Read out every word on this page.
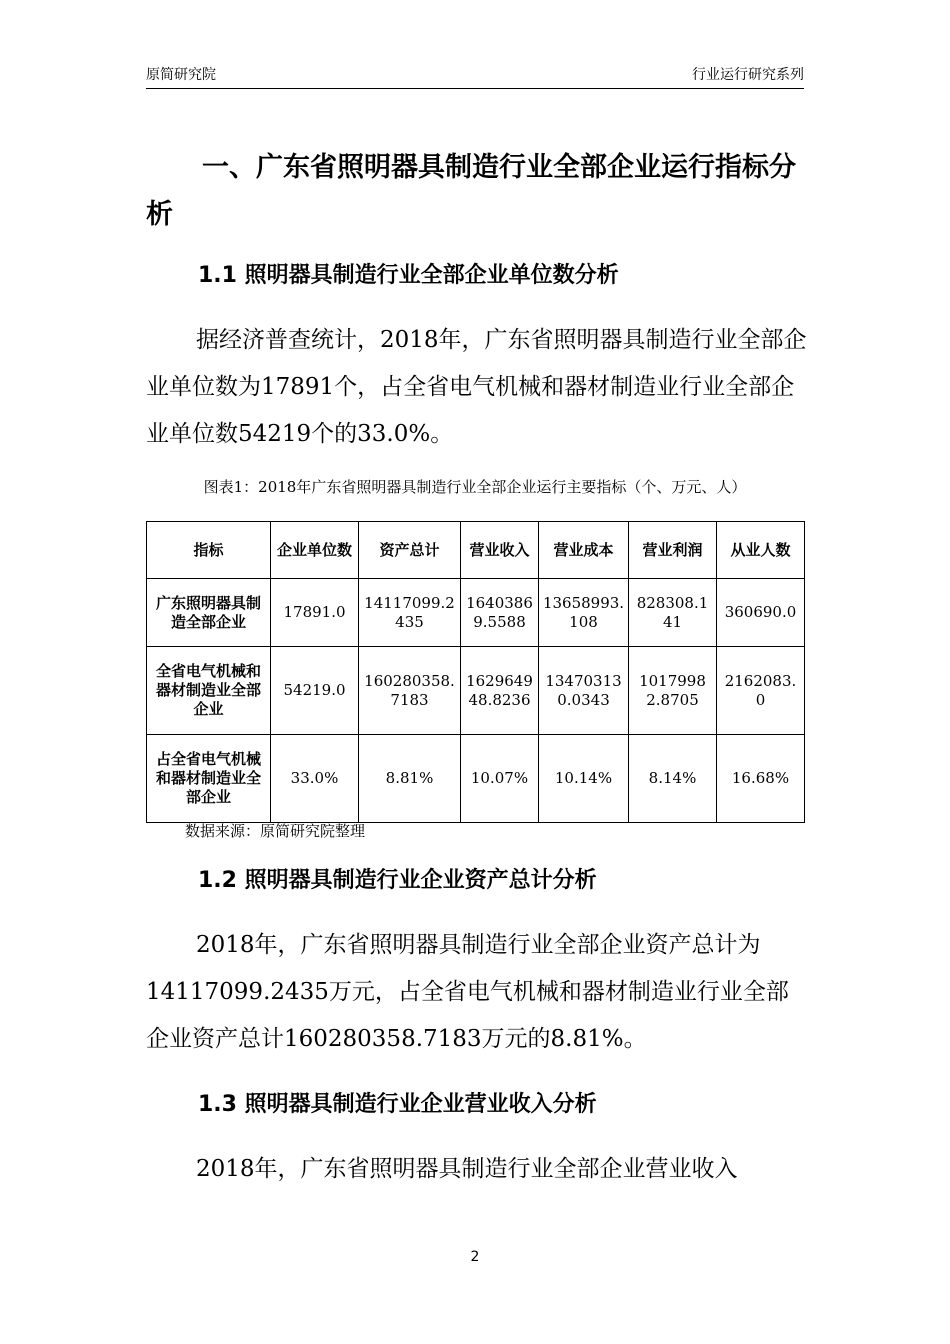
原简研究院	行业运行研究系列
一、广东省照明器具制造行业全部企业运行指标分析
1.1 照明器具制造行业全部企业单位数分析
据经济普查统计，2018年，广东省照明器具制造行业全部企业单位数为17891个，占全省电气机械和器材制造业行业全部企业单位数54219个的33.0%。
图表1：2018年广东省照明器具制造行业全部企业运行主要指标（个、万元、人）
指标	企业单位数	资产总计	营业收入	营业成本	营业利润	从业人数
广东照明器具制造全部企业	17891.0	14117099.2435	16403869.5588	13658993.108	828308.141	360690.0
全省电气机械和器材制造业全部企业	54219.0	160280358.7183	162964948.8236	134703130.0343	10179982.8705	2162083.0
占全省电气机械和器材制造业全部企业	33.0%	8.81%	10.07%	10.14%	8.14%	16.68%
数据来源：原简研究院整理
1.2 照明器具制造行业企业资产总计分析
2018年，广东省照明器具制造行业全部企业资产总计为14117099.2435万元，占全省电气机械和器材制造业行业全部企业资产总计160280358.7183万元的8.81%。
1.3 照明器具制造行业企业营业收入分析
2018年，广东省照明器具制造行业全部企业营业收入
2
